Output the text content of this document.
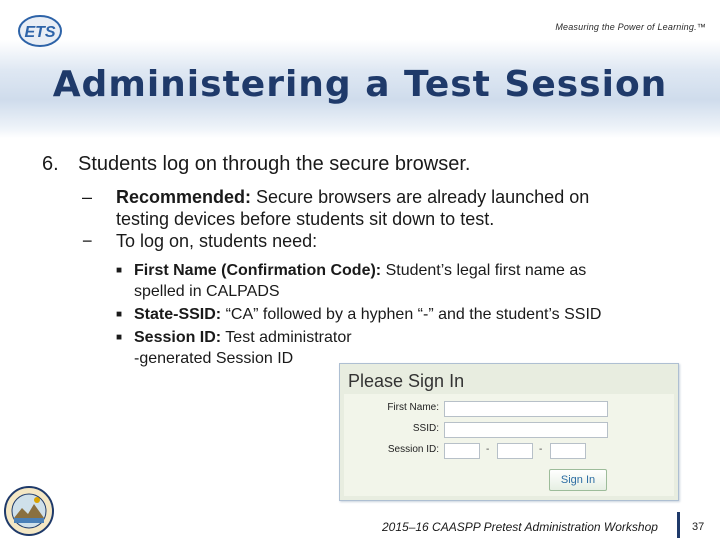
ETS	Measuring the Power of Learning.™
Administering a Test Session
6. Students log on through the secure browser.
–	Recommended: Secure browsers are already launched on
testing devices before students sit down to test.
−	To log on, students need:
■ First Name (Confirmation Code): Student’s legal first name as
spelled in CALPADS
■ State-SSID: “CA” followed by a hyphen “-” and the student’s SSID
■ Session ID: Test administrator
-generated Session ID
Please Sign In
First Name:
SSID:
Session ID:	-	-
Sign In
2015–16 CAASPP Pretest Administration Workshop	37
